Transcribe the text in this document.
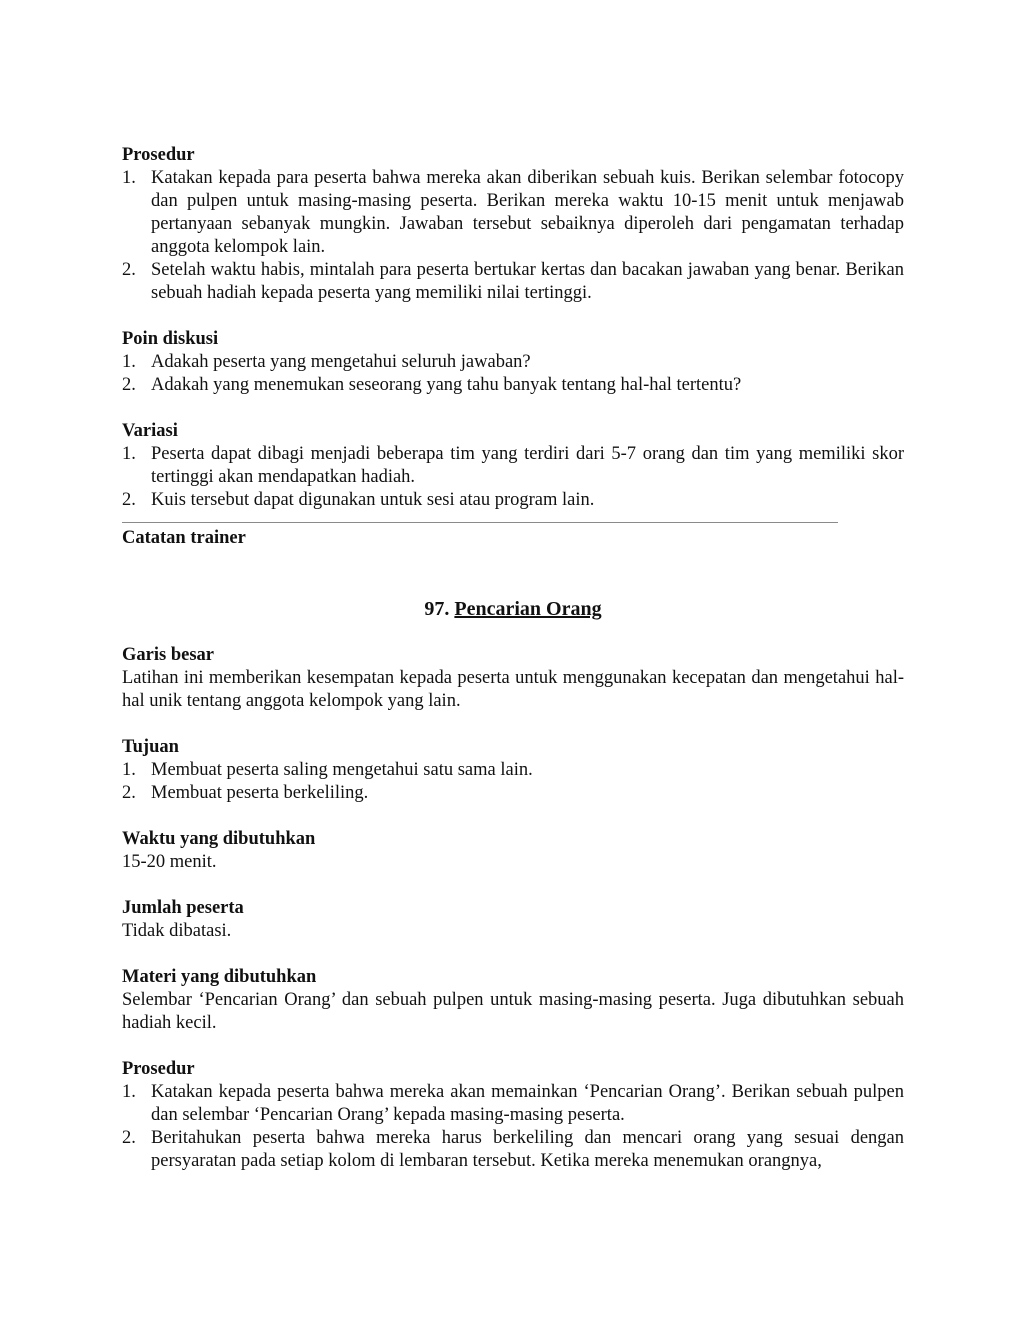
Prosedur

1. Katakan kepada para peserta bahwa mereka akan diberikan sebuah kuis. Berikan selembar fotocopy dan pulpen untuk masing-masing peserta. Berikan mereka waktu 10-15 menit untuk menjawab pertanyaan sebanyak mungkin. Jawaban tersebut sebaiknya diperoleh dari pengamatan terhadap anggota kelompok lain.
2. Setelah waktu habis, mintalah para peserta bertukar kertas dan bacakan jawaban yang benar. Berikan sebuah hadiah kepada peserta yang memiliki nilai tertinggi.

Poin diskusi

1. Adakah peserta yang mengetahui seluruh jawaban?
2. Adakah yang menemukan seseorang yang tahu banyak tentang hal-hal tertentu?

Variasi

1. Peserta dapat dibagi menjadi beberapa tim yang terdiri dari 5-7 orang dan tim yang memiliki skor tertinggi akan mendapatkan hadiah.
2. Kuis tersebut dapat digunakan untuk sesi atau program lain.

Catatan trainer

97. Pencarian Orang

Garis besar

Latihan ini memberikan kesempatan kepada peserta untuk menggunakan kecepatan dan mengetahui hal-hal unik tentang anggota kelompok yang lain.

Tujuan

1. Membuat peserta saling mengetahui satu sama lain.
2. Membuat peserta berkeliling.

Waktu yang dibutuhkan

15-20 menit.

Jumlah peserta

Tidak dibatasi.

Materi yang dibutuhkan

Selembar ‘Pencarian Orang’ dan sebuah pulpen untuk masing-masing peserta. Juga dibutuhkan sebuah hadiah kecil.

Prosedur

1. Katakan kepada peserta bahwa mereka akan memainkan ‘Pencarian Orang’. Berikan sebuah pulpen dan selembar ‘Pencarian Orang’ kepada masing-masing peserta.
2. Beritahukan peserta bahwa mereka harus berkeliling dan mencari orang yang sesuai dengan persyaratan pada setiap kolom di lembaran tersebut. Ketika mereka menemukan orangnya,
